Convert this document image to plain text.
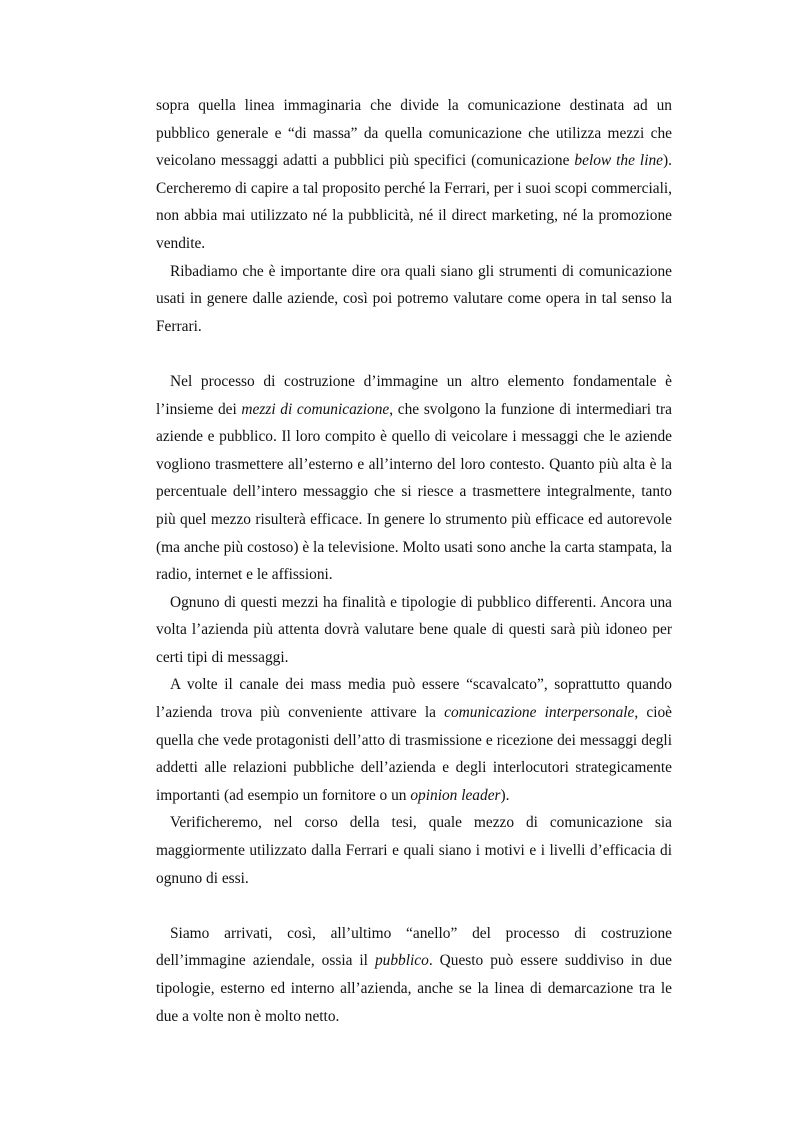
sopra quella linea immaginaria che divide la comunicazione destinata ad un pubblico generale e “di massa” da quella comunicazione che utilizza mezzi che veicolano messaggi adatti a pubblici più specifici (comunicazione below the line). Cercheremo di capire a tal proposito perché la Ferrari, per i suoi scopi commerciali, non abbia mai utilizzato né la pubblicità, né il direct marketing, né la promozione vendite.

Ribadiamo che è importante dire ora quali siano gli strumenti di comunicazione usati in genere dalle aziende, così poi potremo valutare come opera in tal senso la Ferrari.

Nel processo di costruzione d’immagine un altro elemento fondamentale è l’insieme dei mezzi di comunicazione, che svolgono la funzione di intermediari tra aziende e pubblico. Il loro compito è quello di veicolare i messaggi che le aziende vogliono trasmettere all’esterno e all’interno del loro contesto. Quanto più alta è la percentuale dell’intero messaggio che si riesce a trasmettere integralmente, tanto più quel mezzo risulterà efficace. In genere lo strumento più efficace ed autorevole (ma anche più costoso) è la televisione. Molto usati sono anche la carta stampata, la radio, internet e le affissioni.

Ognuno di questi mezzi ha finalità e tipologie di pubblico differenti. Ancora una volta l’azienda più attenta dovrà valutare bene quale di questi sarà più idoneo per certi tipi di messaggi.

A volte il canale dei mass media può essere “scavalcato”, soprattutto quando l’azienda trova più conveniente attivare la comunicazione interpersonale, cioè quella che vede protagonisti dell’atto di trasmissione e ricezione dei messaggi degli addetti alle relazioni pubbliche dell’azienda e degli interlocutori strategicamente importanti (ad esempio un fornitore o un opinion leader).

Verificheremo, nel corso della tesi, quale mezzo di comunicazione sia maggiormente utilizzato dalla Ferrari e quali siano i motivi e i livelli d’efficacia di ognuno di essi.

Siamo arrivati, così, all’ultimo “anello” del processo di costruzione dell’immagine aziendale, ossia il pubblico. Questo può essere suddiviso in due tipologie, esterno ed interno all’azienda, anche se la linea di demarcazione tra le due a volte non è molto netto.
